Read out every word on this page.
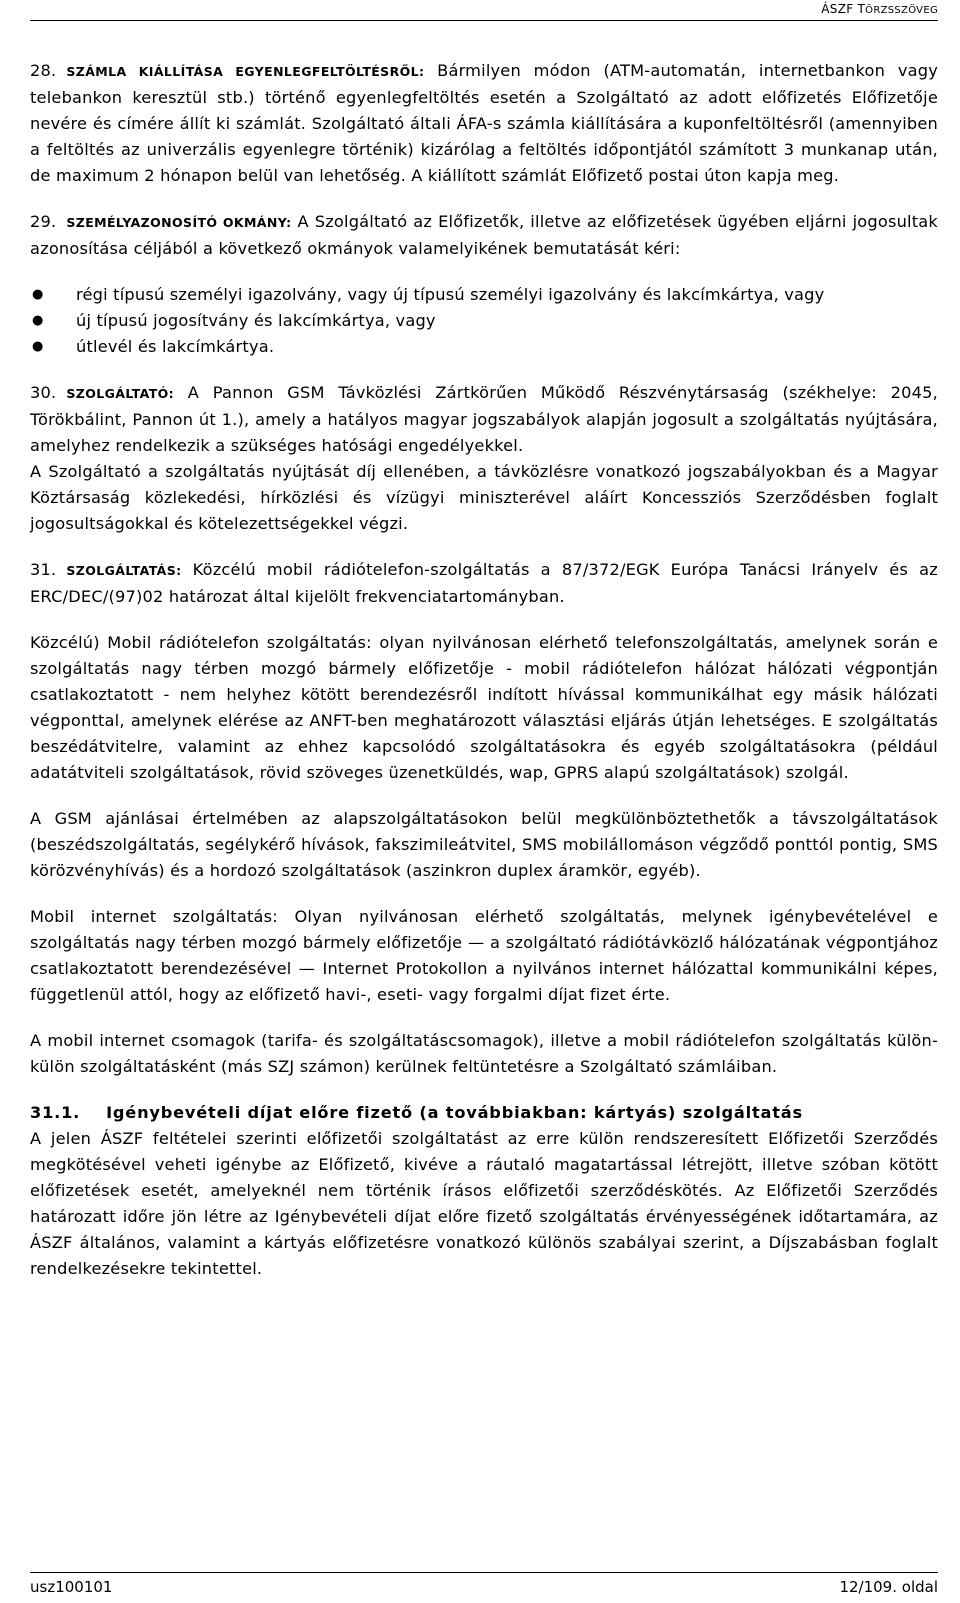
ÁSZF TÖRZSSZÖVEG

28. SZÁMLA KIÁLLÍTÁSA EGYENLEGFELTÖLTÉSRŐL: Bármilyen módon (ATM-automatán, internetbankon vagy telebankon keresztül stb.) történő egyenlegfeltöltés esetén a Szolgáltató az adott előfizetés Előfizetője nevére és címére állít ki számlát. Szolgáltató általi ÁFA-s számla kiállítására a kuponfeltöltésről (amennyiben a feltöltés az univerzális egyenlegre történik) kizárólag a feltöltés időpontjától számított 3 munkanap után, de maximum 2 hónapon belül van lehetőség. A kiállított számlát Előfizető postai úton kapja meg.

29. SZEMÉLYAZONOSÍTÓ OKMÁNY: A Szolgáltató az Előfizetők, illetve az előfizetések ügyében eljárni jogosultak azonosítása céljából a következő okmányok valamelyikének bemutatását kéri:

● régi típusú személyi igazolvány, vagy új típusú személyi igazolvány és lakcímkártya, vagy
● új típusú jogosítvány és lakcímkártya, vagy
● útlevél és lakcímkártya.

30. SZOLGÁLTATÓ: A Pannon GSM Távközlési Zártkörűen Működő Részvénytársaság (székhelye: 2045, Törökbálint, Pannon út 1.), amely a hatályos magyar jogszabályok alapján jogosult a szolgáltatás nyújtására, amelyhez rendelkezik a szükséges hatósági engedélyekkel.

A Szolgáltató a szolgáltatás nyújtását díj ellenében, a távközlésre vonatkozó jogszabályokban és a Magyar Köztársaság közlekedési, hírközlési és vízügyi miniszterével aláírt Koncessziós Szerződésben foglalt jogosultságokkal és kötelezettségekkel végzi.

31. SZOLGÁLTATÁS: Közcélú mobil rádiótelefon-szolgáltatás a 87/372/EGK Európa Tanácsi Irányelv és az ERC/DEC/(97)02 határozat által kijelölt frekvenciatartományban.

Közcélú) Mobil rádiótelefon szolgáltatás: olyan nyilvánosan elérhető telefonszolgáltatás, amelynek során e szolgáltatás nagy térben mozgó bármely előfizetője - mobil rádiótelefon hálózat hálózati végpontján csatlakoztatott - nem helyhez kötött berendezésről indított hívással kommunikálhat egy másik hálózati végponttal, amelynek elérése az ANFT-ben meghatározott választási eljárás útján lehetséges. E szolgáltatás beszédátvitelre, valamint az ehhez kapcsolódó szolgáltatásokra és egyéb szolgáltatásokra (például adatátviteli szolgáltatások, rövid szöveges üzenetküldés, wap, GPRS alapú szolgáltatások) szolgál.

A GSM ajánlásai értelmében az alapszolgáltatásokon belül megkülönböztethetők a távszolgáltatások (beszédszolgáltatás, segélykérő hívások, fakszimileátvitel, SMS mobilállomáson végződő ponttól pontig, SMS körözvényhívás) és a hordozó szolgáltatások (aszinkron duplex áramkör, egyéb).

Mobil internet szolgáltatás: Olyan nyilvánosan elérhető szolgáltatás, melynek igénybevételével e szolgáltatás nagy térben mozgó bármely előfizetője — a szolgáltató rádiótávközlő hálózatának végpontjához csatlakoztatott berendezésével — Internet Protokollon a nyilvános internet hálózattal kommunikálni képes, függetlenül attól, hogy az előfizető havi-, eseti- vagy forgalmi díjat fizet érte.

A mobil internet csomagok (tarifa- és szolgáltatáscsomagok), illetve a mobil rádiótelefon szolgáltatás külön-külön szolgáltatásként (más SZJ számon) kerülnek feltüntetésre a Szolgáltató számláiban.

31.1. Igénybevételi díjat előre fizető (a továbbiakban: kártyás) szolgáltatás

A jelen ÁSZF feltételei szerinti előfizetői szolgáltatást az erre külön rendszeresített Előfizetői Szerződés megkötésével veheti igénybe az Előfizető, kivéve a ráutaló magatartással létrejött, illetve szóban kötött előfizetések esetét, amelyeknél nem történik írásos előfizetői szerződéskötés. Az Előfizetői Szerződés határozatt időre jön létre az Igénybevételi díjat előre fizető szolgáltatás érvényességének időtartamára, az ÁSZF általános, valamint a kártyás előfizetésre vonatkozó különös szabályai szerint, a Díjszabásban foglalt rendelkezésekre tekintettel.

usz100101	12/109. oldal
